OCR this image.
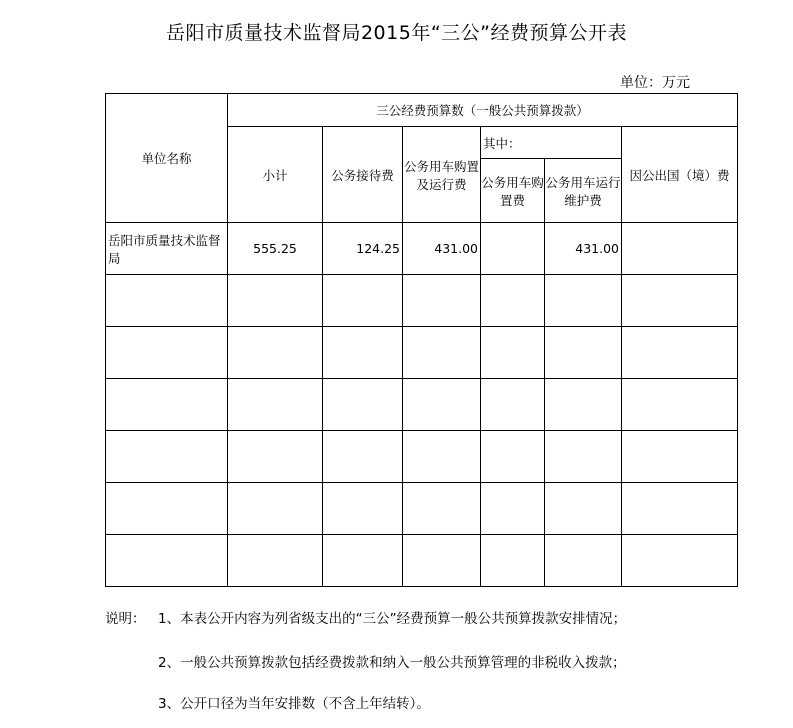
岳阳市质量技术监督局2015年“三公”经费预算公开表
单位：万元
单位名称	三公经费预算数（一般公共预算拨款）					
	小计	公务接待费	公务用车购置及运行费	其中：		因公出国（境）费
				公务用车购置费	公务用车运行维护费	
岳阳市质量技术监督局	555.25	124.25	431.00		431.00	

说明： 1、本表公开内容为列省级支出的“三公”经费预算一般公共预算拨款安排情况；
2、一般公共预算拨款包括经费拨款和纳入一般公共预算管理的非税收入拨款；
3、公开口径为当年安排数（不含上年结转）。
